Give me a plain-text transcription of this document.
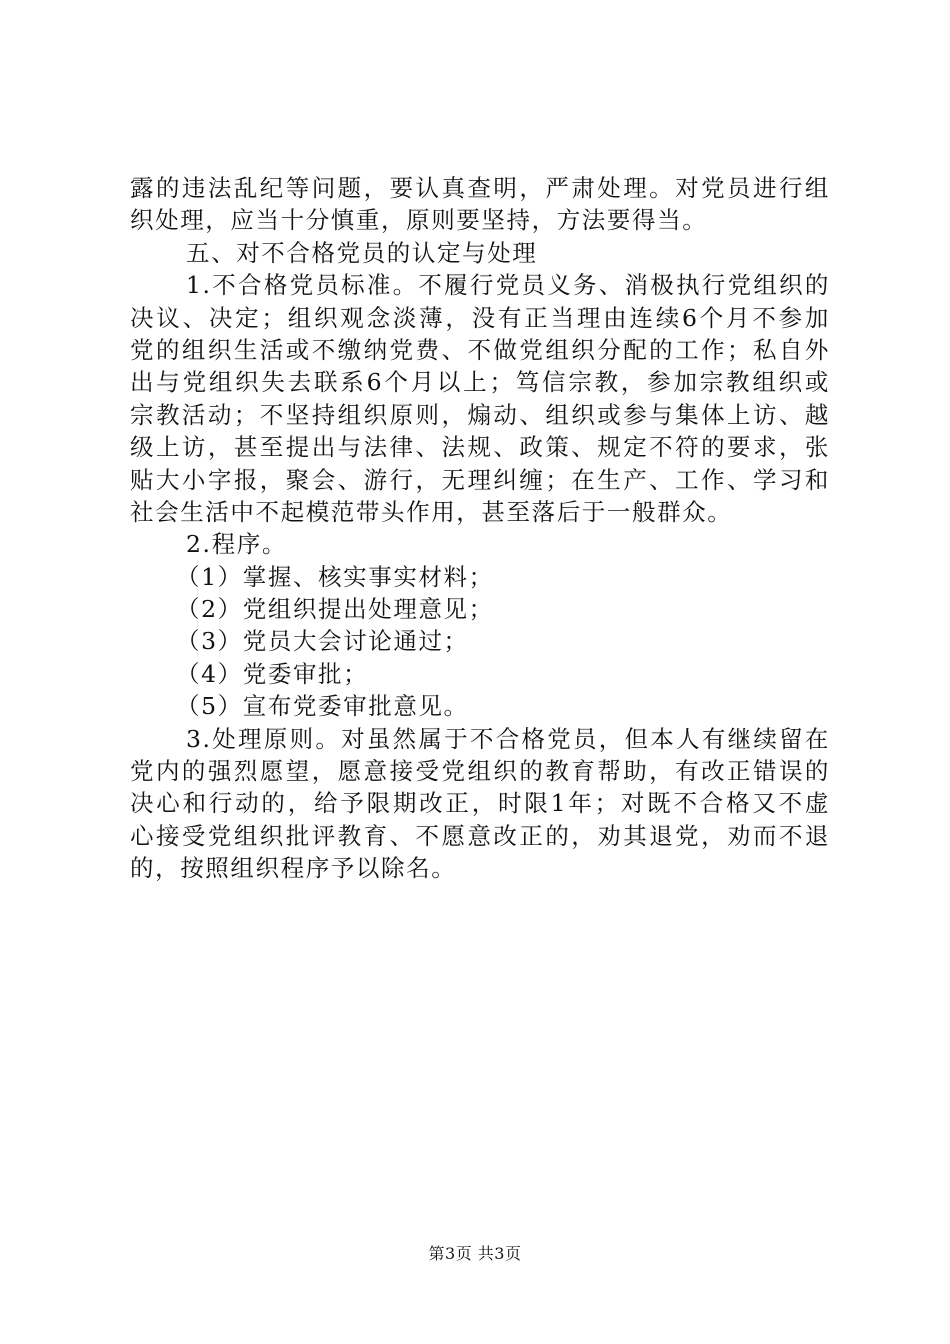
露的违法乱纪等问题，要认真查明，严肃处理。对党员进行组
织处理，应当十分慎重，原则要坚持，方法要得当。
五、对不合格党员的认定与处理
1.不合格党员标准。不履行党员义务、消极执行党组织的
决议、决定；组织观念淡薄，没有正当理由连续6个月不参加
党的组织生活或不缴纳党费、不做党组织分配的工作；私自外
出与党组织失去联系6个月以上；笃信宗教，参加宗教组织或
宗教活动；不坚持组织原则，煽动、组织或参与集体上访、越
级上访，甚至提出与法律、法规、政策、规定不符的要求，张
贴大小字报，聚会、游行，无理纠缠；在生产、工作、学习和
社会生活中不起模范带头作用，甚至落后于一般群众。
2.程序。
（1）掌握、核实事实材料；
（2）党组织提出处理意见；
（3）党员大会讨论通过；
（4）党委审批；
（5）宣布党委审批意见。
3.处理原则。对虽然属于不合格党员，但本人有继续留在
党内的强烈愿望，愿意接受党组织的教育帮助，有改正错误的
决心和行动的，给予限期改正，时限1年；对既不合格又不虚
心接受党组织批评教育、不愿意改正的，劝其退党，劝而不退
的，按照组织程序予以除名。
第3页 共3页
